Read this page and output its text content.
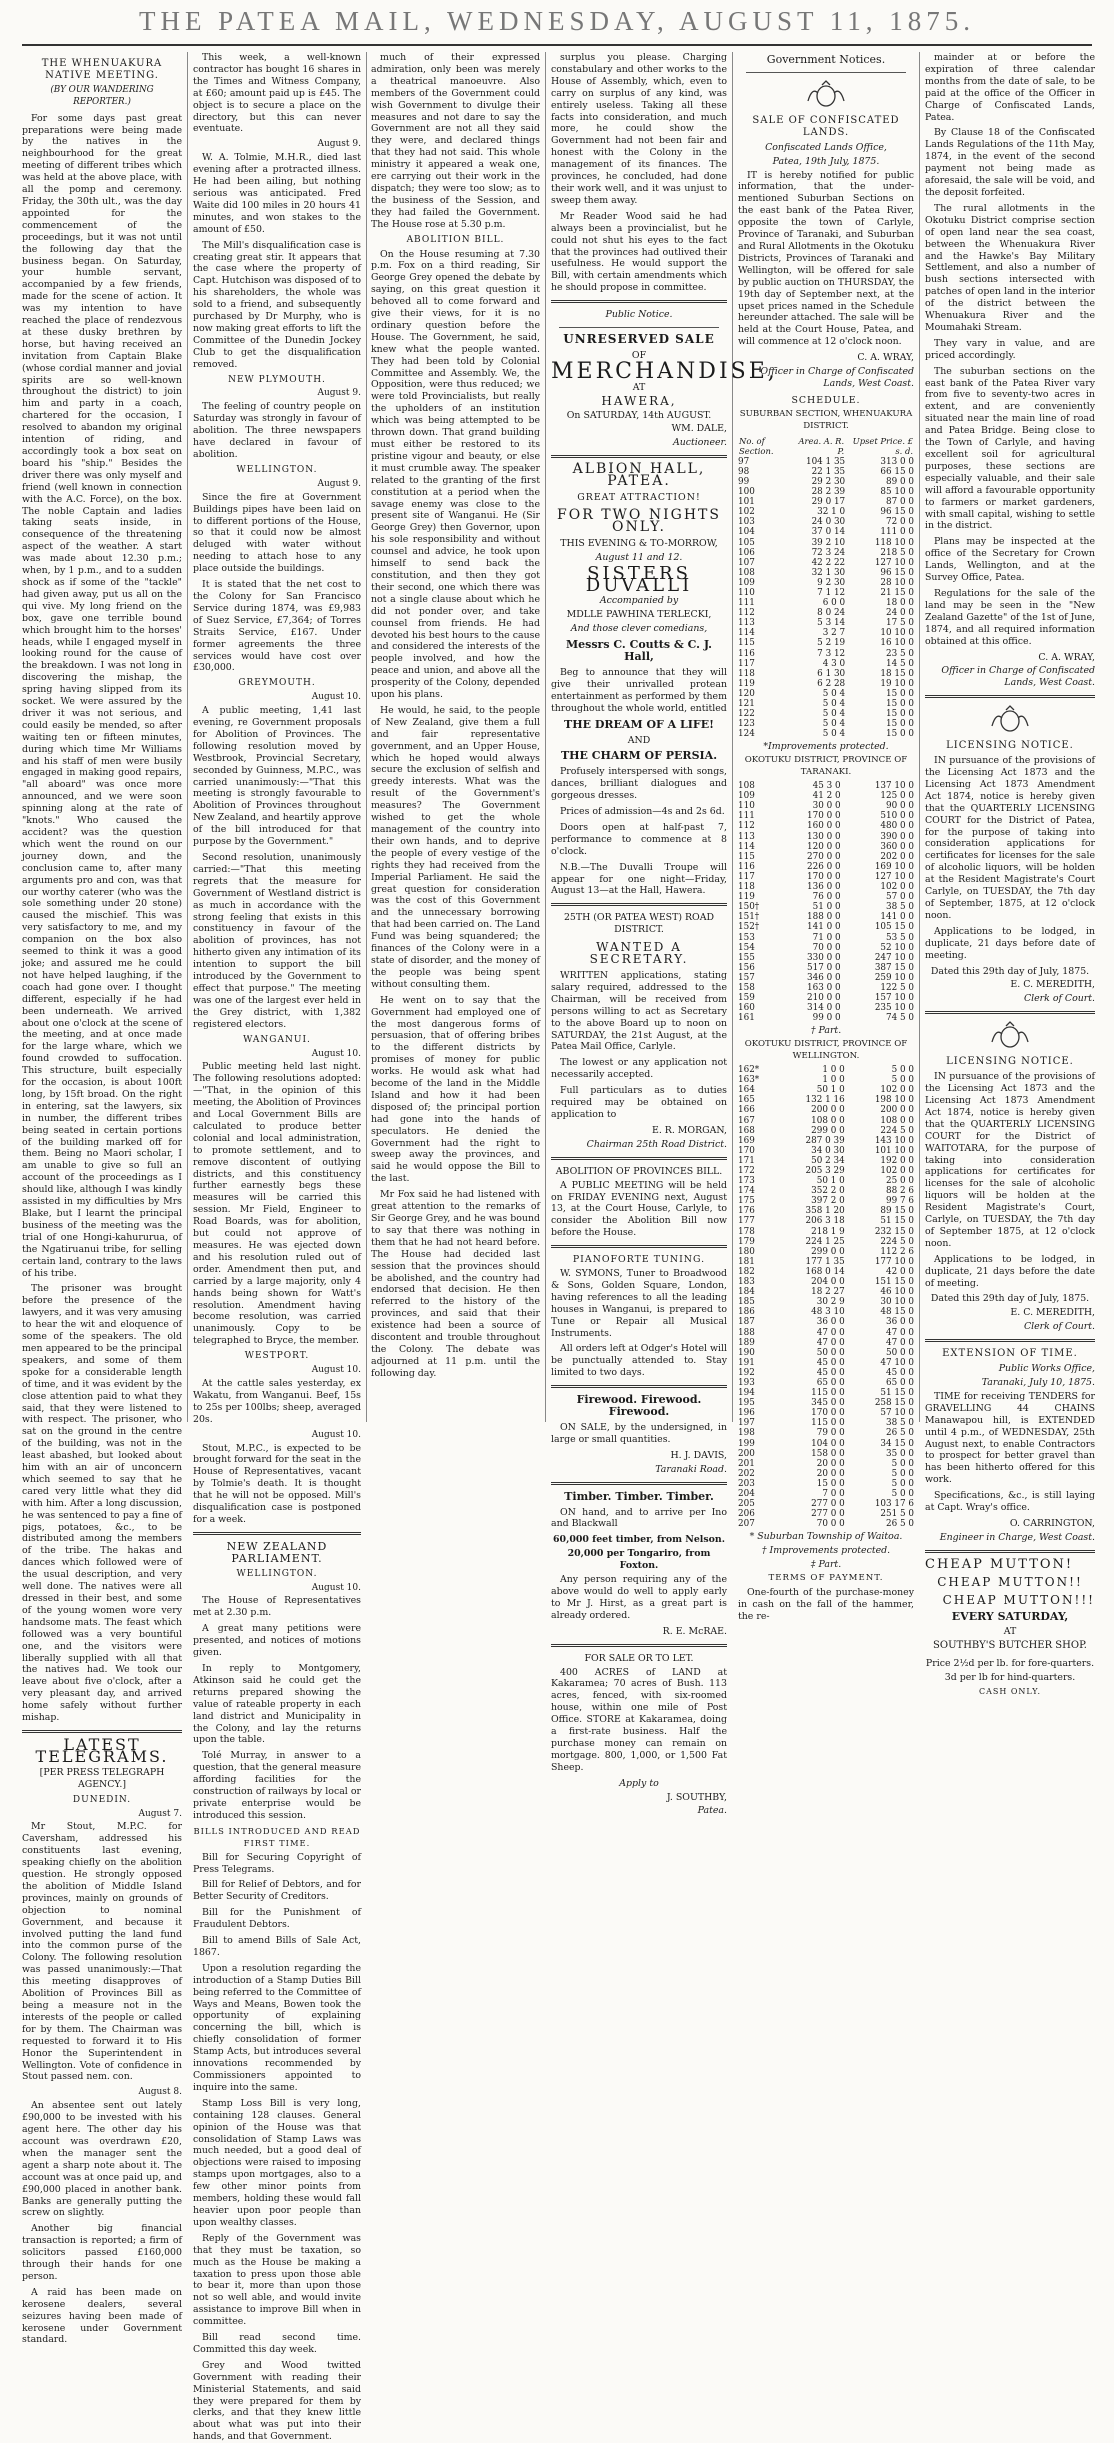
THE PATEA MAIL, WEDNESDAY, AUGUST 11, 1875.
THE WHENUAKURA NATIVE MEETING.
(BY OUR WANDERING REPORTER.)

For some days past great preparations were being made by the natives in the neighbourhood for the great meeting of different tribes which was held at the above place, with all the pomp and ceremony. Friday, the 30th ult., was the day appointed for the commencement of the proceedings, but it was not until the following day that the business began. On Saturday, your humble servant, accompanied by a few friends, made for the scene of action. It was my intention to have reached the place of rendezvous at these dusky brethren by horse, but having received an invitation from Captain Blake (whose cordial manner and jovial spirits are so well-known throughout the district) to join him and party in a coach, chartered for the occasion, I resolved to abandon my original intention of riding, and accordingly took a box seat on board his "ship." Besides the driver there was only myself and friend (well known in connection with the A.C. Force), on the box. The noble Captain and ladies taking seats inside, in consequence of the threatening aspect of the weather. A start was made about 12.30 p.m.; when, by 1 p.m., and to a sudden shock as if some of the "tackle" had given away, put us all on the qui vive. My long friend on the box, gave one terrible bound which brought him to the horses' heads, while I engaged myself in looking round for the cause of the breakdown. I was not long in discovering the mishap, the spring having slipped from its socket. We were assured by the driver it was not serious, and could easily be mended, so after waiting ten or fifteen minutes, during which time Mr Williams and his staff of men were busily engaged in making good repairs, "all aboard" was once more announced, and we were soon spinning along at the rate of "knots." Who caused the accident? was the question which went the round on our journey down, and the conclusion came to, after many arguments pro and con, was that our worthy caterer (who was the sole something under 20 stone) caused the mischief. This was very satisfactory to me, and my companion on the box also seemed to think it was a good joke; and assured me he could not have helped laughing, if the coach had gone over. I thought different, especially if he had been underneath. We arrived about one o'clock at the scene of the meeting, and at once made for the large whare, which we found crowded to suffocation. This structure, built especially for the occasion, is about 100ft long, by 15ft broad. On the right in entering, sat the lawyers, six in number, the different tribes being seated in certain portions of the building marked off for them. Being no Maori scholar, I am unable to give so full an account of the proceedings as I should like, although I was kindly assisted in my difficulties by Mrs Blake, but I learnt the principal business of the meeting was the trial of one Hongi-kahururua, of the Ngatiruanui tribe, for selling certain land, contrary to the laws of his tribe.

The prisoner was brought before the presence of the lawyers, and it was very amusing to hear the wit and eloquence of some of the speakers. The old men appeared to be the principal speakers, and some of them spoke for a considerable length of time, and it was evident by the close attention paid to what they said, that they were listened to with respect. The prisoner, who sat on the ground in the centre of the building, was not in the least abashed, but looked about him with an air of unconcern which seemed to say that he cared very little what they did with him. After a long discussion, he was sentenced to pay a fine of pigs, potatoes, &c., to be distributed among the members of the tribe. The hakas and dances which followed were of the usual description, and very well done. The natives were all dressed in their best, and some of the young women wore very handsome mats. The feast which followed was a very bountiful one, and the visitors were liberally supplied with all that the natives had. We took our leave about five o'clock, after a very pleasant day, and arrived home safely without further mishap.

LATEST TELEGRAMS.
[PER PRESS TELEGRAPH AGENCY.]
DUNEDIN.
August 7.

Mr Stout, M.P.C. for Caversham, addressed his constituents last evening, speaking chiefly on the abolition question. He strongly opposed the abolition of Middle Island provinces, mainly on grounds of objection to nominal Government, and because it involved putting the land fund into the common purse of the Colony. The following resolution was passed unanimously:—That this meeting disapproves of Abolition of Provinces Bill as being a measure not in the interests of the people or called for by them. The Chairman was requested to forward it to His Honor the Superintendent in Wellington. Vote of confidence in Stout passed nem. con.

August 8.

An absentee sent out lately £90,000 to be invested with his agent here. The other day his account was overdrawn £20, when the manager sent the agent a sharp note about it. The account was at once paid up, and £90,000 placed in another bank. Banks are generally putting the screw on slightly.

Another big financial transaction is reported; a firm of solicitors passed £160,000 through their hands for one person.

A raid has been made on kerosene dealers, several seizures having been made of kerosene under Government standard.

This week, a well-known contractor has bought 16 shares in the Times and Witness Company, at £60; amount paid up is £45. The object is to secure a place on the directory, but this can never eventuate.

August 9.

W. A. Tolmie, M.H.R., died last evening after a protracted illness. He had been ailing, but nothing serious was anticipated. Fred Waite did 100 miles in 20 hours 41 minutes, and won stakes to the amount of £50.

The Mill's disqualification case is creating great stir. It appears that the case where the property of Capt. Hutchison was disposed of to his shareholders, the whole was sold to a friend, and subsequently purchased by Dr Murphy, who is now making great efforts to lift the Committee of the Dunedin Jockey Club to get the disqualification removed.

NEW PLYMOUTH.
August 9.

The feeling of country people on Saturday was strongly in favour of abolition. The three newspapers have declared in favour of abolition.

WELLINGTON.
August 9.

Since the fire at Government Buildings pipes have been laid on to different portions of the House, so that it could now be almost deluged with water without needing to attach hose to any place outside the buildings.

It is stated that the net cost to the Colony for San Francisco Service during 1874, was £9,983 of Suez Service, £7,364; of Torres Straits Service, £167. Under former agreements the three services would have cost over £30,000.

GREYMOUTH.
August 10.

A public meeting, 1,41 last evening, re Government proposals for Abolition of Provinces. The following resolution moved by Westbrook, Provincial Secretary, seconded by Guinness, M.P.C., was carried unanimously:—"That this meeting is strongly favourable to Abolition of Provinces throughout New Zealand, and heartily approve of the bill introduced for that purpose by the Government."

Second resolution, unanimously carried:—"That this meeting regrets that the measure for Government of Westland district is as much in accordance with the strong feeling that exists in this constituency in favour of the abolition of provinces, has not hitherto given any intimation of its intention to support the bill introduced by the Government to effect that purpose." The meeting was one of the largest ever held in the Grey district, with 1,382 registered electors.

WANGANUI.
August 10.

Public meeting held last night. The following resolutions adopted:—"That, in the opinion of this meeting, the Abolition of Provinces and Local Government Bills are calculated to produce better colonial and local administration, to promote settlement, and to remove discontent of outlying districts, and this constituency further earnestly begs these measures will be carried this session. Mr Field, Engineer to Road Boards, was for abolition, but could not approve of measures. He was ejected down and his resolution ruled out of order. Amendment then put, and carried by a large majority, only 4 hands being shown for Watt's resolution. Amendment having become resolution, was carried unanimously. Copy to be telegraphed to Bryce, the member.

WESTPORT.
August 10.

At the cattle sales yesterday, ex Wakatu, from Wanganui. Beef, 15s to 25s per 100lbs; sheep, averaged 20s.

August 10.

Stout, M.P.C., is expected to be brought forward for the seat in the House of Representatives, vacant by Tolmie's death. It is thought that he will not be opposed. Mill's disqualification case is postponed for a week.

NEW ZEALAND PARLIAMENT.
WELLINGTON.
August 10.

The House of Representatives met at 2.30 p.m.

A great many petitions were presented, and notices of motions given.

In reply to Montgomery, Atkinson said he could get the returns prepared showing the value of rateable property in each land district and Municipality in the Colony, and lay the returns upon the table.

Tolé Murray, in answer to a question, that the general measure affording facilities for the construction of railways by local or private enterprise would be introduced this session.

BILLS INTRODUCED AND READ FIRST TIME.

Bill for Securing Copyright of Press Telegrams.

Bill for Relief of Debtors, and for Better Security of Creditors.

Bill for the Punishment of Fraudulent Debtors.

Bill to amend Bills of Sale Act, 1867.

Upon a resolution regarding the introduction of a Stamp Duties Bill being referred to the Committee of Ways and Means, Bowen took the opportunity of explaining concerning the bill, which is chiefly consolidation of former Stamp Acts, but introduces several innovations recommended by Commissioners appointed to inquire into the same.

Stamp Loss Bill is very long, containing 128 clauses. General opinion of the House was that consolidation of Stamp Laws was much needed, but a good deal of objections were raised to imposing stamps upon mortgages, also to a few other minor points from members, holding these would fall heavier upon poor people than upon wealthy classes.

Reply of the Government was that they must be taxation, so much as the House be making a taxation to press upon those able to bear it, more than upon those not so well able, and would invite assistance to improve Bill when in committee.

Bill read second time. Committed this day week.

Grey and Wood twitted Government with reading their Ministerial Statements, and said they were prepared for them by clerks, and that they knew little about what was put into their hands, and that Government.

much of their expressed admiration, only been was merely a theatrical manoeuvre. Also members of the Government could wish Government to divulge their measures and not dare to say the Government are not all they said they were, and declared things that they had not said. This whole ministry it appeared a weak one, ere carrying out their work in the dispatch; they were too slow; as to the business of the Session, and they had failed the Government. The House rose at 5.30 p.m.

ABOLITION BILL.

On the House resuming at 7.30 p.m. Fox on a third reading, Sir George Grey opened the debate by saying, on this great question it behoved all to come forward and give their views, for it is no ordinary question before the House. The Government, he said, knew what the people wanted. They had been told by Colonial Committee and Assembly. We, the Opposition, were thus reduced; we were told Provincialists, but really the upholders of an institution which was being attempted to be thrown down. That grand building must either be restored to its pristine vigour and beauty, or else it must crumble away. The speaker related to the granting of the first constitution at a period when the savage enemy was close to the present site of Wanganui. He (Sir George Grey) then Governor, upon his sole responsibility and without counsel and advice, he took upon himself to send back the constitution, and then they got their second, one which there was not a single clause about which he did not ponder over, and take counsel from friends. He had devoted his best hours to the cause and considered the interests of the people involved, and how the peace and union, and above all the prosperity of the Colony, depended upon his plans.

He would, he said, to the people of New Zealand, give them a full and fair representative government, and an Upper House, which he hoped would always secure the exclusion of selfish and greedy interests. What was the result of the Government's measures? The Government wished to get the whole management of the country into their own hands, and to deprive the people of every vestige of the rights they had received from the Imperial Parliament. He said the great question for consideration was the cost of this Government and the unnecessary borrowing that had been carried on. The Land Fund was being squandered; the finances of the Colony were in a state of disorder, and the money of the people was being spent without consulting them.

He went on to say that the Government had employed one of the most dangerous forms of persuasion, that of offering bribes to the different districts by promises of money for public works. He would ask what had become of the land in the Middle Island and how it had been disposed of; the principal portion had gone into the hands of speculators. He denied the Government had the right to sweep away the provinces, and said he would oppose the Bill to the last.

Mr Fox said he had listened with great attention to the remarks of Sir George Grey, and he was bound to say that there was nothing in them that he had not heard before. The House had decided last session that the provinces should be abolished, and the country had endorsed that decision. He then referred to the history of the provinces, and said that their existence had been a source of discontent and trouble throughout the Colony. The debate was adjourned at 11 p.m. until the following day.

surplus you please. Charging constabulary and other works to the House of Assembly, which, even to carry on surplus of any kind, was entirely useless. Taking all these facts into consideration, and much more, he could show the Government had not been fair and honest with the Colony in the management of its finances. The provinces, he concluded, had done their work well, and it was unjust to sweep them away.

Mr Reader Wood said he had always been a provincialist, but he could not shut his eyes to the fact that the provinces had outlived their usefulness. He would support the Bill, with certain amendments which he should propose in committee.

Public Notice.
UNRESERVED SALE
OF
MERCHANDISE,
AT
HAWERA,
On SATURDAY, 14th AUGUST.
WM. DALE,
Auctioneer.
ALBION HALL, PATEA.
GREAT ATTRACTION!
FOR TWO NIGHTS ONLY.
THIS EVENING & TO-MORROW,
August 11 and 12.
SISTERS DUVALLI
Accompanied by
MDLLE PAWHINA TERLECKI,
And those clever comedians,
Messrs C. Coutts & C. J. Hall,

Beg to announce that they will give their unrivalled protean entertainment as performed by them throughout the whole world, entitled

THE DREAM OF A LIFE!
AND
THE CHARM OF PERSIA.

Profusely interspersed with songs, dances, brilliant dialogues and gorgeous dresses.

Prices of admission—4s and 2s 6d.

Doors open at half-past 7, performance to commence at 8 o'clock.

N.B.—The Duvalli Troupe will appear for one night—Friday, August 13—at the Hall, Hawera.

25TH (OR PATEA WEST) ROAD DISTRICT.
WANTED A SECRETARY.

WRITTEN applications, stating salary required, addressed to the Chairman, will be received from persons willing to act as Secretary to the above Board up to noon on SATURDAY, the 21st August, at the Patea Mail Office, Carlyle.

The lowest or any application not necessarily accepted.

Full particulars as to duties required may be obtained on application to

E. R. MORGAN,
Chairman 25th Road District.
ABOLITION OF PROVINCES BILL.

A PUBLIC MEETING will be held on FRIDAY EVENING next, August 13, at the Court House, Carlyle, to consider the Abolition Bill now before the House.

PIANOFORTE TUNING.

W. SYMONS, Tuner to Broadwood & Sons, Golden Square, London, having references to all the leading houses in Wanganui, is prepared to Tune or Repair all Musical Instruments.

All orders left at Odger's Hotel will be punctually attended to. Stay limited to two days.

Firewood. Firewood. Firewood.

ON SALE, by the undersigned, in large or small quantities.

H. J. DAVIS,
Taranaki Road.
Timber. Timber. Timber.

ON hand, and to arrive per Ino and Blackwall

60,000 feet timber, from Nelson.
20,000 per Tongariro, from Foxton.

Any person requiring any of the above would do well to apply early to Mr J. Hirst, as a great part is already ordered.

R. E. McRAE.
FOR SALE OR TO LET.

400 ACRES of LAND at Kakaramea; 70 acres of Bush. 113 acres, fenced, with six-roomed house, within one mile of Post Office. STORE at Kakaramea, doing a first-rate business. Half the purchase money can remain on mortgage. 800, 1,000, or 1,500 Fat Sheep.

Apply to
J. SOUTHBY,
Patea.
Government Notices.
SALE OF CONFISCATED LANDS.
Confiscated Lands Office,
Patea, 19th July, 1875.

IT is hereby notified for public information, that the under-mentioned Suburban Sections on the east bank of the Patea River, opposite the town of Carlyle, Province of Taranaki, and Suburban and Rural Allotments in the Okotuku Districts, Provinces of Taranaki and Wellington, will be offered for sale by public auction on THURSDAY, the 19th day of September next, at the upset prices named in the Schedule hereunder attached. The sale will be held at the Court House, Patea, and will commence at 12 o'clock noon.

C. A. WRAY,
Officer in Charge of Confiscated Lands, West Coast.
SCHEDULE.
SUBURBAN SECTION, WHENUAKURA DISTRICT.
No. of Section.	Area. A. R. P.	Upset Price. £ s. d.
97	104 1 35	313 0 0
98	22 1 35	66 15 0
99	29 2 30	89 0 0
100	28 2 39	85 10 0
101	29 0 17	87 0 0
102	32 1 0	96 15 0
103	24 0 30	72 0 0
104	37 0 14	111 0 0
105	39 2 10	118 10 0
106	72 3 24	218 5 0
107	42 2 22	127 10 0
108	32 1 30	96 15 0
109	9 2 30	28 10 0
110	7 1 12	21 15 0
111	6 0 0	18 0 0
112	8 0 24	24 0 0
113	5 3 14	17 5 0
114	3 2 7	10 10 0
115	5 2 19	16 10 0
116	7 3 12	23 5 0
117	4 3 0	14 5 0
118	6 1 30	18 15 0
119	6 2 28	19 10 0
120	5 0 4	15 0 0
121	5 0 4	15 0 0
122	5 0 4	15 0 0
123	5 0 4	15 0 0
124	5 0 4	15 0 0
*Improvements protected.
OKOTUKU DISTRICT, PROVINCE OF TARANAKI.
108	45 3 0	137 10 0
109	41 2 0	125 0 0
110	30 0 0	90 0 0
111	170 0 0	510 0 0
112	160 0 0	480 0 0
113	130 0 0	390 0 0
114	120 0 0	360 0 0
115	270 0 0	202 0 0
116	226 0 0	169 10 0
117	170 0 0	127 10 0
118	136 0 0	102 0 0
119	76 0 0	57 0 0
150†	51 0 0	38 5 0
151†	188 0 0	141 0 0
152†	141 0 0	105 15 0
153	71 0 0	53 5 0
154	70 0 0	52 10 0
155	330 0 0	247 10 0
156	517 0 0	387 15 0
157	346 0 0	259 10 0
158	163 0 0	122 5 0
159	210 0 0	157 10 0
160	314 0 0	235 10 0
161	99 0 0	74 5 0
† Part.
OKOTUKU DISTRICT, PROVINCE OF WELLINGTON.
162*	1 0 0	5 0 0
163*	1 0 0	5 0 0
164	50 1 0	102 0 0
165	132 1 16	198 10 0
166	200 0 0	200 0 0
167	108 0 0	108 0 0
168	299 0 0	224 5 0
169	287 0 39	143 10 0
170	34 0 30	101 10 0
171	50 2 34	192 0 0
172	205 3 29	102 0 0
173	50 1 0	25 0 0
174	352 2 0	88 2 6
175	397 2 0	99 7 6
176	358 1 20	89 15 0
177	206 3 18	51 15 0
178	218 1 9	232 15 0
179	224 1 25	224 5 0
180	299 0 0	112 2 6
181	177 1 35	177 10 0
182	168 0 14	42 0 0
183	204 0 0	151 15 0
184	18 2 27	46 10 0
185	30 2 9	30 10 0
186	48 3 10	48 15 0
187	36 0 0	36 0 0
188	47 0 0	47 0 0
189	47 0 0	47 0 0
190	50 0 0	50 0 0
191	45 0 0	47 10 0
192	45 0 0	45 0 0
193	65 0 0	65 0 0
194	115 0 0	51 15 0
195	345 0 0	258 15 0
196	170 0 0	57 10 0
197	115 0 0	38 5 0
198	79 0 0	26 5 0
199	104 0 0	34 15 0
200	158 0 0	35 0 0
201	20 0 0	5 0 0
202	20 0 0	5 0 0
203	15 0 0	5 0 0
204	7 0 0	5 0 0
205	277 0 0	103 17 6
206	277 0 0	251 5 0
207	70 0 0	26 5 0
* Suburban Township of Waitoa.
† Improvements protected.
‡ Part.
TERMS OF PAYMENT.

One-fourth of the purchase-money in cash on the fall of the hammer, the re-

mainder at or before the expiration of three calendar months from the date of sale, to be paid at the office of the Officer in Charge of Confiscated Lands, Patea.

By Clause 18 of the Confiscated Lands Regulations of the 11th May, 1874, in the event of the second payment not being made as aforesaid, the sale will be void, and the deposit forfeited.

The rural allotments in the Okotuku District comprise section of open land near the sea coast, between the Whenuakura River and the Hawke's Bay Military Settlement, and also a number of bush sections intersected with patches of open land in the interior of the district between the Whenuakura River and the Moumahaki Stream.

They vary in value, and are priced accordingly.

The suburban sections on the east bank of the Patea River vary from five to seventy-two acres in extent, and are conveniently situated near the main line of road and Patea Bridge. Being close to the Town of Carlyle, and having excellent soil for agricultural purposes, these sections are especially valuable, and their sale will afford a favourable opportunity to farmers or market gardeners, with small capital, wishing to settle in the district.

Plans may be inspected at the office of the Secretary for Crown Lands, Wellington, and at the Survey Office, Patea.

Regulations for the sale of the land may be seen in the "New Zealand Gazette" of the 1st of June, 1874, and all required information obtained at this office.

C. A. WRAY,
Officer in Charge of Confiscated Lands, West Coast.
LICENSING NOTICE.

IN pursuance of the provisions of the Licensing Act 1873 and the Licensing Act 1873 Amendment Act 1874, notice is hereby given that the QUARTERLY LICENSING COURT for the District of Patea, for the purpose of taking into consideration applications for certificates for licenses for the sale of alcoholic liquors, will be holden at the Resident Magistrate's Court Carlyle, on TUESDAY, the 7th day of September, 1875, at 12 o'clock noon.

Applications to be lodged, in duplicate, 21 days before date of meeting.

Dated this 29th day of July, 1875.
E. C. MEREDITH,
Clerk of Court.
LICENSING NOTICE.

IN pursuance of the provisions of the Licensing Act 1873 and the Licensing Act 1873 Amendment Act 1874, notice is hereby given that the QUARTERLY LICENSING COURT for the District of WAITOTARA, for the purpose of taking into consideration applications for certificates for licenses for the sale of alcoholic liquors will be holden at the Resident Magistrate's Court, Carlyle, on TUESDAY, the 7th day of September 1875, at 12 o'clock noon.

Applications to be lodged, in duplicate, 21 days before the date of meeting.

Dated this 29th day of July, 1875.
E. C. MEREDITH,
Clerk of Court.
EXTENSION OF TIME.
Public Works Office,
Taranaki, July 10, 1875.

TIME for receiving TENDERS for GRAVELLING 44 CHAINS Manawapou hill, is EXTENDED until 4 p.m., of WEDNESDAY, 25th August next, to enable Contractors to prospect for better gravel than has been hitherto offered for this work.

Specifications, &c., is still laying at Capt. Wray's office.

O. CARRINGTON,
Engineer in Charge, West Coast.
CHEAP MUTTON!
CHEAP MUTTON!!
CHEAP MUTTON!!!
EVERY SATURDAY,
AT
SOUTHBY'S BUTCHER SHOP.
Price 2½d per lb. for fore-quarters.
3d per lb for hind-quarters.
CASH ONLY.
